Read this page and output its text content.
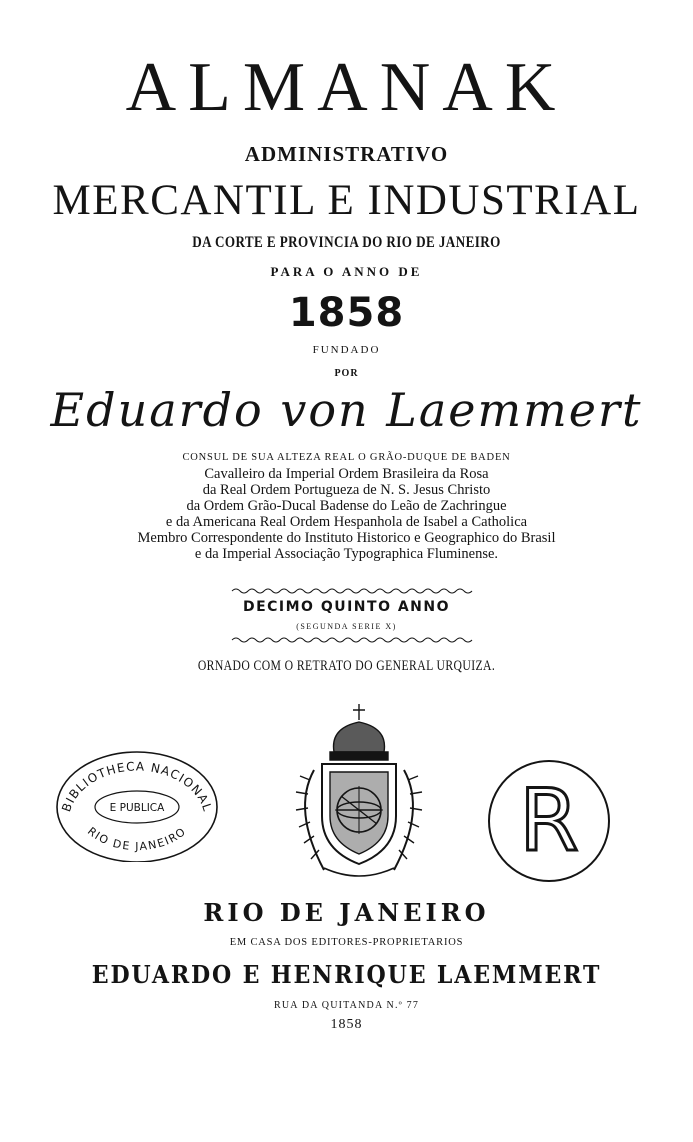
ALMANAK
ADMINISTRATIVO
MERCANTIL E INDUSTRIAL
DA CORTE E PROVINCIA DO RIO DE JANEIRO
PARA O ANNO DE
1858
FUNDADO
POR
Eduardo von Laemmert
CONSUL DE SUA ALTEZA REAL O GRÃO-DUQUE DE BADEN
Cavalleiro da Imperial Ordem Brasileira da Rosa
da Real Ordem Portugueza de N. S. Jesus Christo
da Ordem Grão-Ducal Badense do Leão de Zachringue
e da Americana Real Ordem Hespanhola de Isabel a Catholica
Membro Correspondente do Instituto Historico e Geographico do Brasil
e da Imperial Associação Typographica Fluminense.
DECIMO QUINTO ANNO
(SEGUNDA SERIE X)
ORNADO COM O RETRATO DO GENERAL URQUIZA.
BIBLIOTHECA NACIONAL
E PUBLICA
RIO DE JANEIRO	R
RIO DE JANEIRO
EM CASA DOS EDITORES-PROPRIETARIOS
EDUARDO E HENRIQUE LAEMMERT
RUA DA QUITANDA N.º 77
1858
